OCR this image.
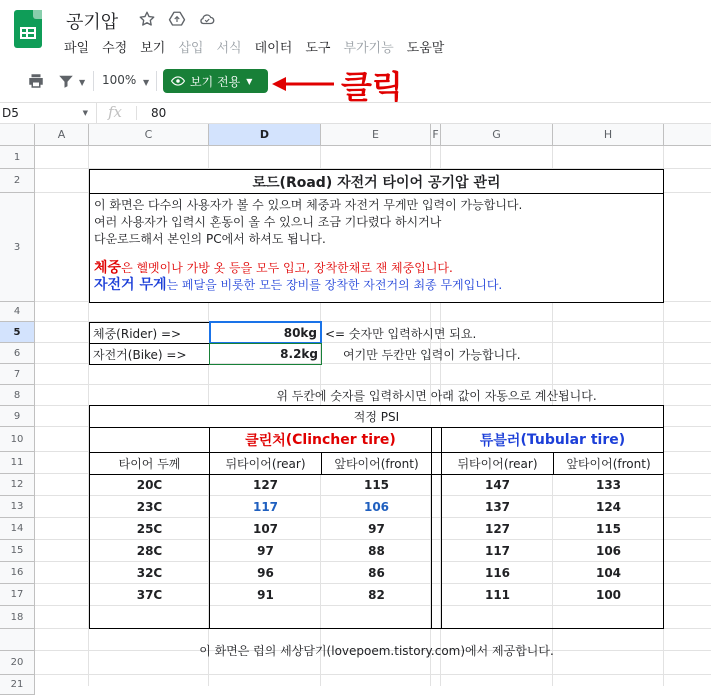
공기압
파일 수정 보기 삽입 서식 데이터 도구 부가기능 도움말
▼ 100% ▼	보기 전용 ▼	클릭
D5	▼ fx 80
A	C	D	E	F	G	H
1
2
3
4
5
6
7
8
9
10
11
12
13
14
15
16
17
18
20
21
로드(Road) 자전거 타이어 공기압 관리
이 화면은 다수의 사용자가 볼 수 있으며 체중과 자전거 무게만 입력이 가능합니다.
여러 사용자가 입력시 혼동이 올 수 있으니 조금 기다렸다 하시거나
다운로드해서 본인의 PC에서 하셔도 됩니다.
체중은 헬멧이나 가방 옷 등을 모두 입고, 장착한채로 잰 체중입니다.
자전거 무게는 페달을 비롯한 모든 장비를 장착한 자전거의 최종 무게입니다.
체중(Rider) =>	80kg <= 숫자만 입력하시면 되요.
자전거(Bike) =>	8.2kg	여기만 두칸만 입력이 가능합니다.
위 두칸에 숫자를 입력하시면 아래 값이 자동으로 계산됩니다.
적정 PSI
클린처 (Clincher tire)	튜블러 (Tubular tire)
타이어 두께	뒤타이어(rear)	앞타이어(front)	뒤타이어(rear)	앞타이어(front)
20C	127	115	147	133
23C	117	106	137	124
25C	107	97	127	115
28C	97	88	117	106
32C	96	86	116	104
37C	91	82	111	100
이 화면은 럽의 세상담기(lovepoem.tistory.com)에서 제공합니다.
